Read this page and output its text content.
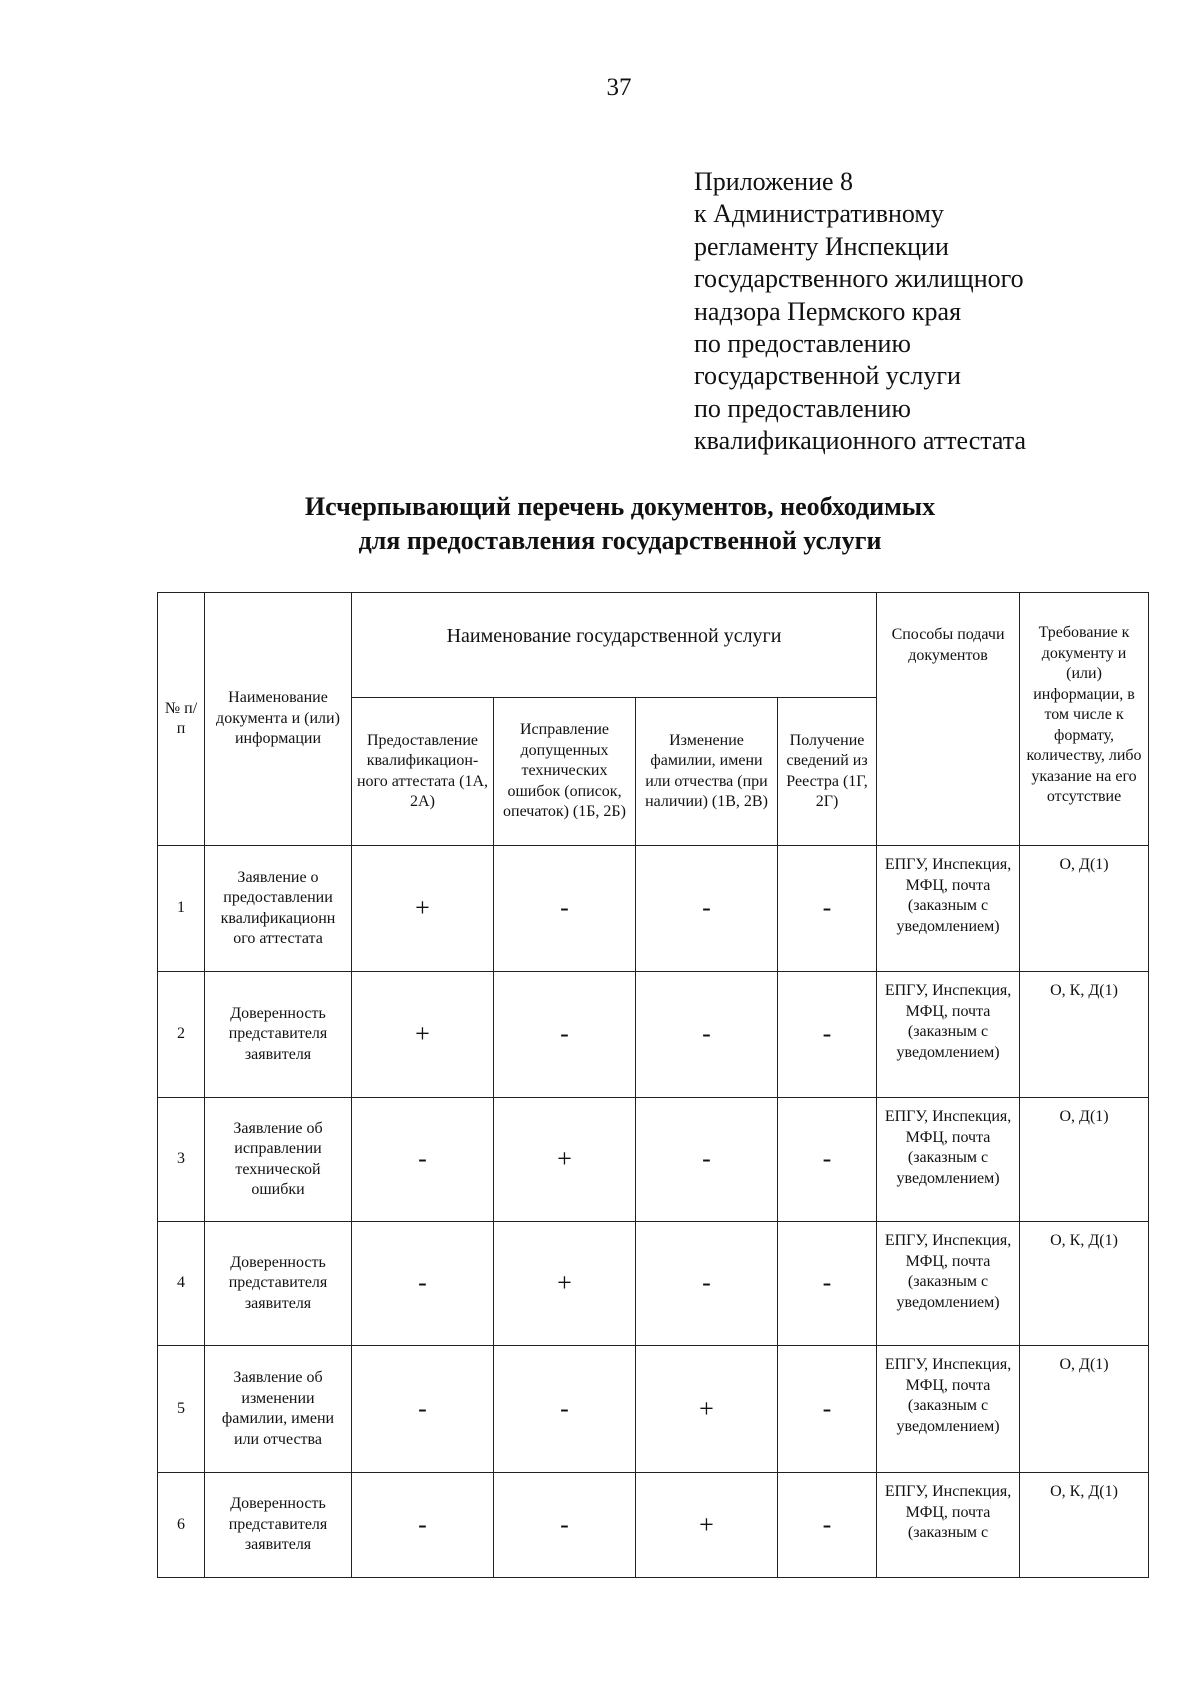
37
Приложение 8
к Административному
регламенту Инспекции
государственного жилищного
надзора Пермского края
по предоставлению
государственной услуги
по предоставлению
квалификационного аттестата
Исчерпывающий перечень документов, необходимых
для предоставления государственной услуги
№ п/п	Наименование документа и (или) информации	Наименование государственной услуги				Способы подачи документов	Требование к документу и (или) информации, в том числе к формату, количеству, либо указание на его отсутствие
		Предоставление квалификацион-ного аттестата (1А, 2А)	Исправление допущенных технических ошибок (описок, опечаток) (1Б, 2Б)	Изменение фамилии, имени или отчества (при наличии) (1В, 2В)	Получение сведений из Реестра (1Г, 2Г)		
1	Заявление о предоставлении квалификационн ого аттестата	+	-	-	-	ЕПГУ, Инспекция, МФЦ, почта (заказным с уведомлением)	О, Д(1)
2	Доверенность представителя заявителя	+	-	-	-	ЕПГУ, Инспекция, МФЦ, почта (заказным с уведомлением)	О, К, Д(1)
3	Заявление об исправлении технической ошибки	-	+	-	-	ЕПГУ, Инспекция, МФЦ, почта (заказным с уведомлением)	О, Д(1)
4	Доверенность представителя заявителя	-	+	-	-	ЕПГУ, Инспекция, МФЦ, почта (заказным с уведомлением)	О, К, Д(1)
5	Заявление об изменении фамилии, имени или отчества	-	-	+	-	ЕПГУ, Инспекция, МФЦ, почта (заказным с уведомлением)	О, Д(1)
6	Доверенность представителя заявителя	-	-	+	-	ЕПГУ, Инспекция, МФЦ, почта (заказным с	О, К, Д(1)
